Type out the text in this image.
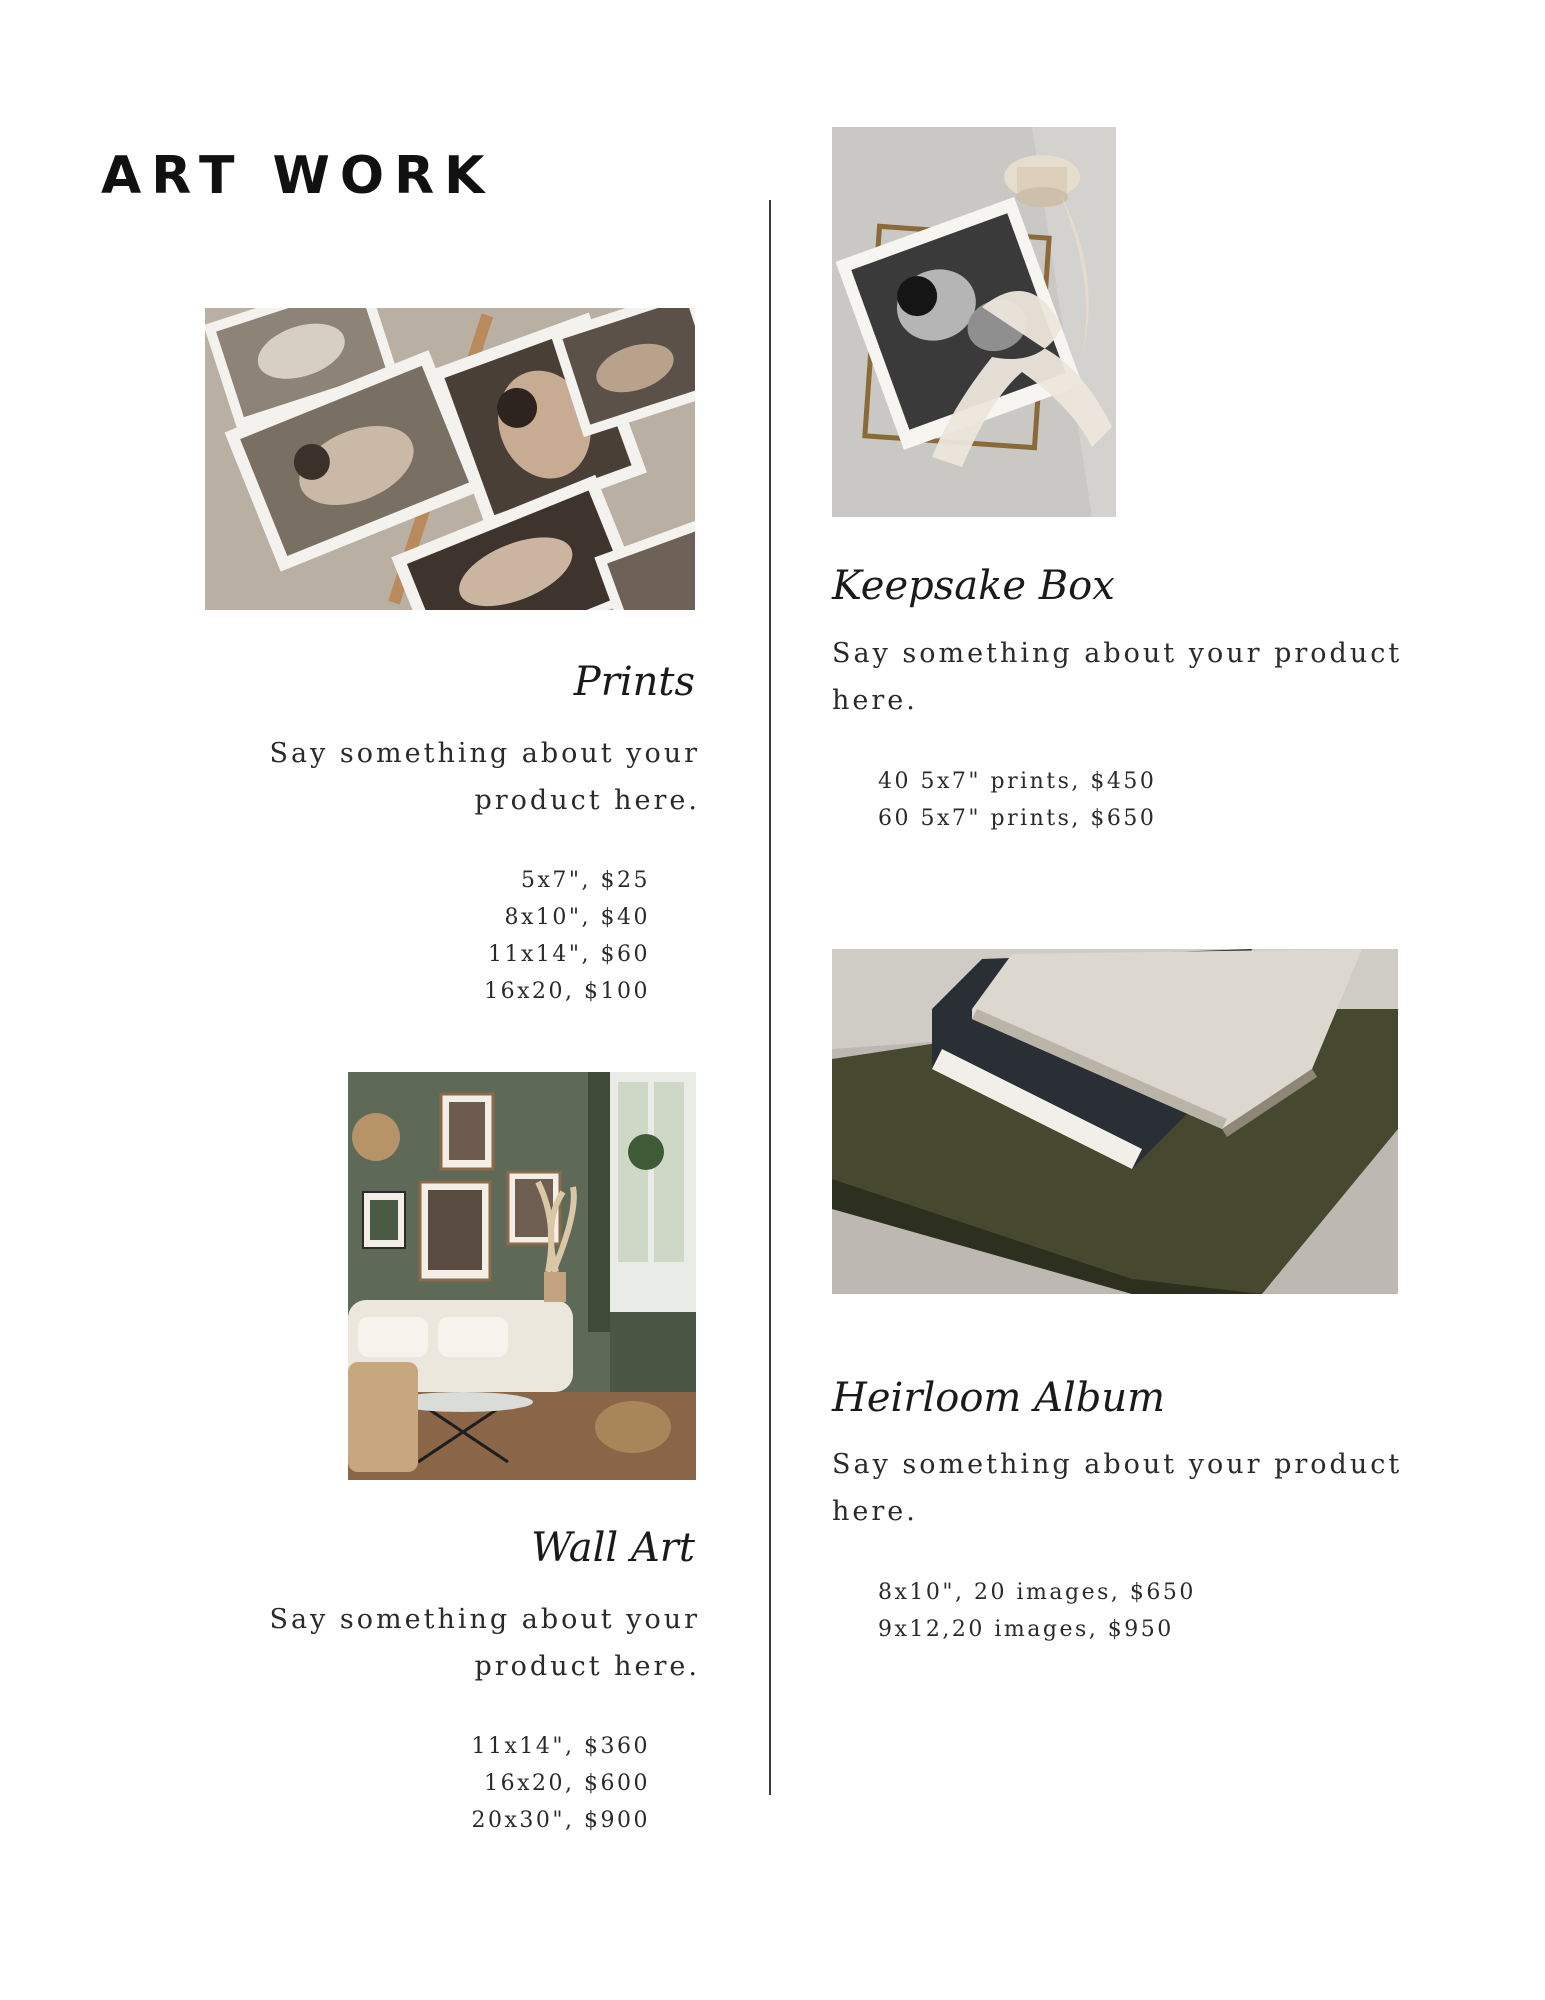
ART WORK
Prints

Say something about your product here.

5x7", $25
8x10", $40
11x14", $60
16x20, $100
Wall Art

Say something about your product here.

11x14", $360
16x20, $600
20x30", $900
Keepsake Box

Say something about your product here.

40 5x7" prints, $450
60 5x7" prints, $650
Heirloom Album

Say something about your product here.

8x10", 20 images, $650
9x12,20 images, $950
